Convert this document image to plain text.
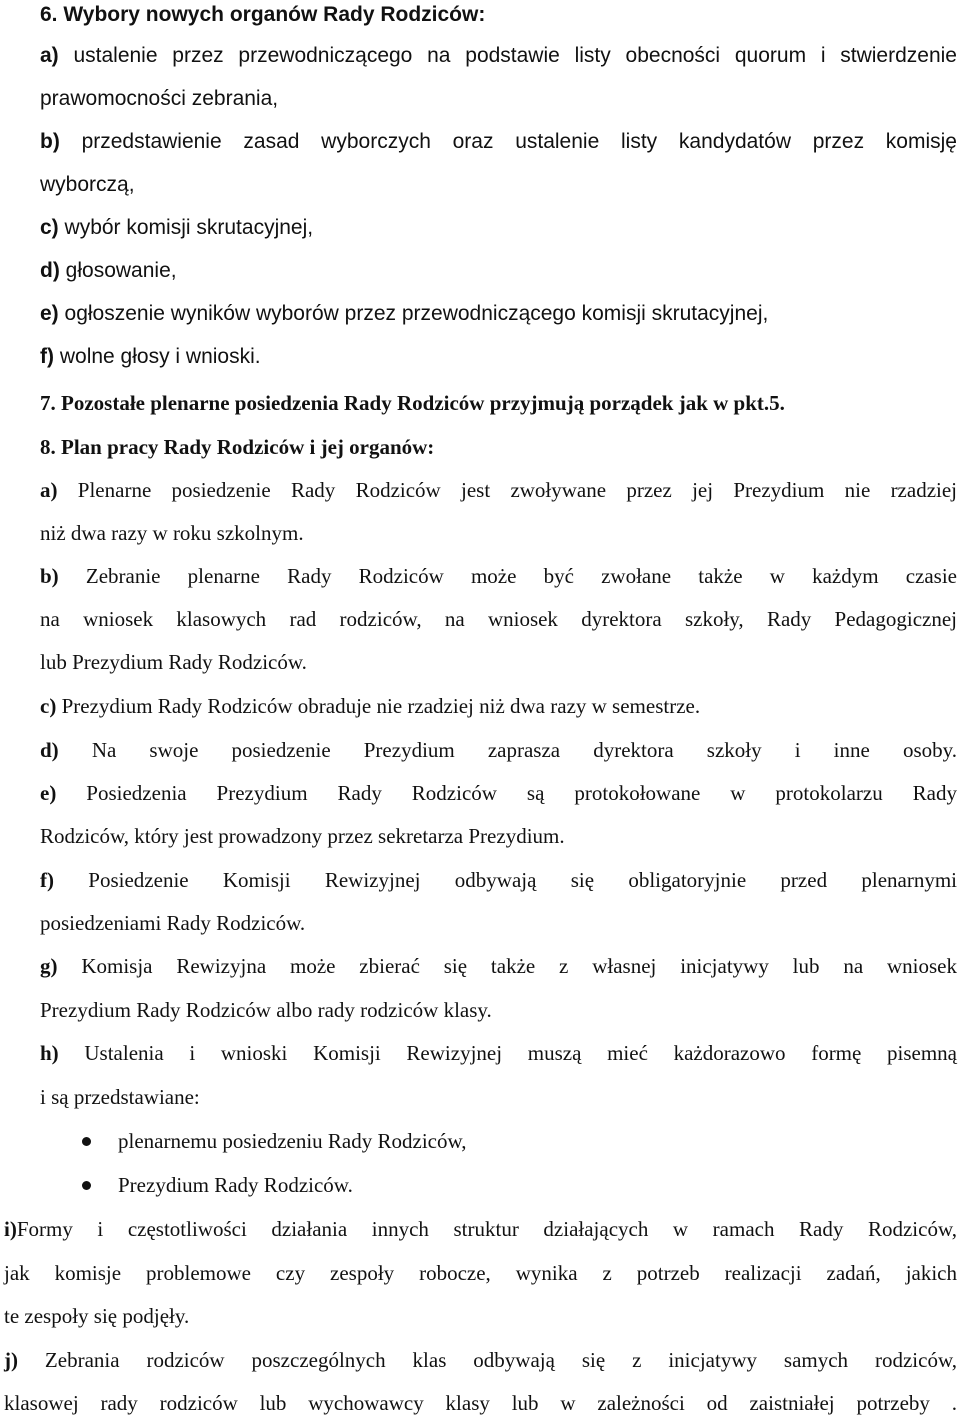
6. Wybory nowych organów Rady Rodziców:
a) ustalenie przez przewodniczącego na podstawie listy obecności quorum i stwierdzenie
prawomocności zebrania,
b) przedstawienie zasad wyborczych oraz ustalenie listy kandydatów przez komisję
wyborczą,
c) wybór komisji skrutacyjnej,
d) głosowanie,
e) ogłoszenie wyników wyborów przez przewodniczącego komisji skrutacyjnej,
f) wolne głosy i wnioski.
7. Pozostałe plenarne posiedzenia Rady Rodziców przyjmują porządek jak w pkt.5.
8. Plan pracy Rady Rodziców i jej organów:
a) Plenarne posiedzenie Rady Rodziców jest zwoływane przez jej Prezydium nie rzadziej
niż dwa razy w roku szkolnym.
b) Zebranie plenarne Rady Rodziców może być zwołane także w każdym czasie
na wniosek klasowych rad rodziców, na wniosek dyrektora szkoły, Rady Pedagogicznej
lub Prezydium Rady Rodziców.
c) Prezydium Rady Rodziców obraduje nie rzadziej niż dwa razy w semestrze.
d) Na swoje posiedzenie Prezydium zaprasza dyrektora szkoły i inne osoby.
e) Posiedzenia Prezydium Rady Rodziców są protokołowane w protokolarzu Rady
Rodziców, który jest prowadzony przez sekretarza Prezydium.
f) Posiedzenie Komisji Rewizyjnej odbywają się obligatoryjnie przed plenarnymi
posiedzeniami Rady Rodziców.
g) Komisja Rewizyjna może zbierać się także z własnej inicjatywy lub na wniosek
Prezydium Rady Rodziców albo rady rodziców klasy.
h) Ustalenia i wnioski Komisji Rewizyjnej muszą mieć każdorazowo formę pisemną
i są przedstawiane:
plenarnemu posiedzeniu Rady Rodziców,
Prezydium Rady Rodziców.
i)Formy i częstotliwości działania innych struktur działających w ramach Rady Rodziców,
jak komisje problemowe czy zespoły robocze, wynika z potrzeb realizacji zadań, jakich
te zespoły się podjęły.
j) Zebrania rodziców poszczególnych klas odbywają się z inicjatywy samych rodziców,
klasowej rady rodziców lub wychowawcy klasy lub w zależności od zaistniałej potrzeby .
